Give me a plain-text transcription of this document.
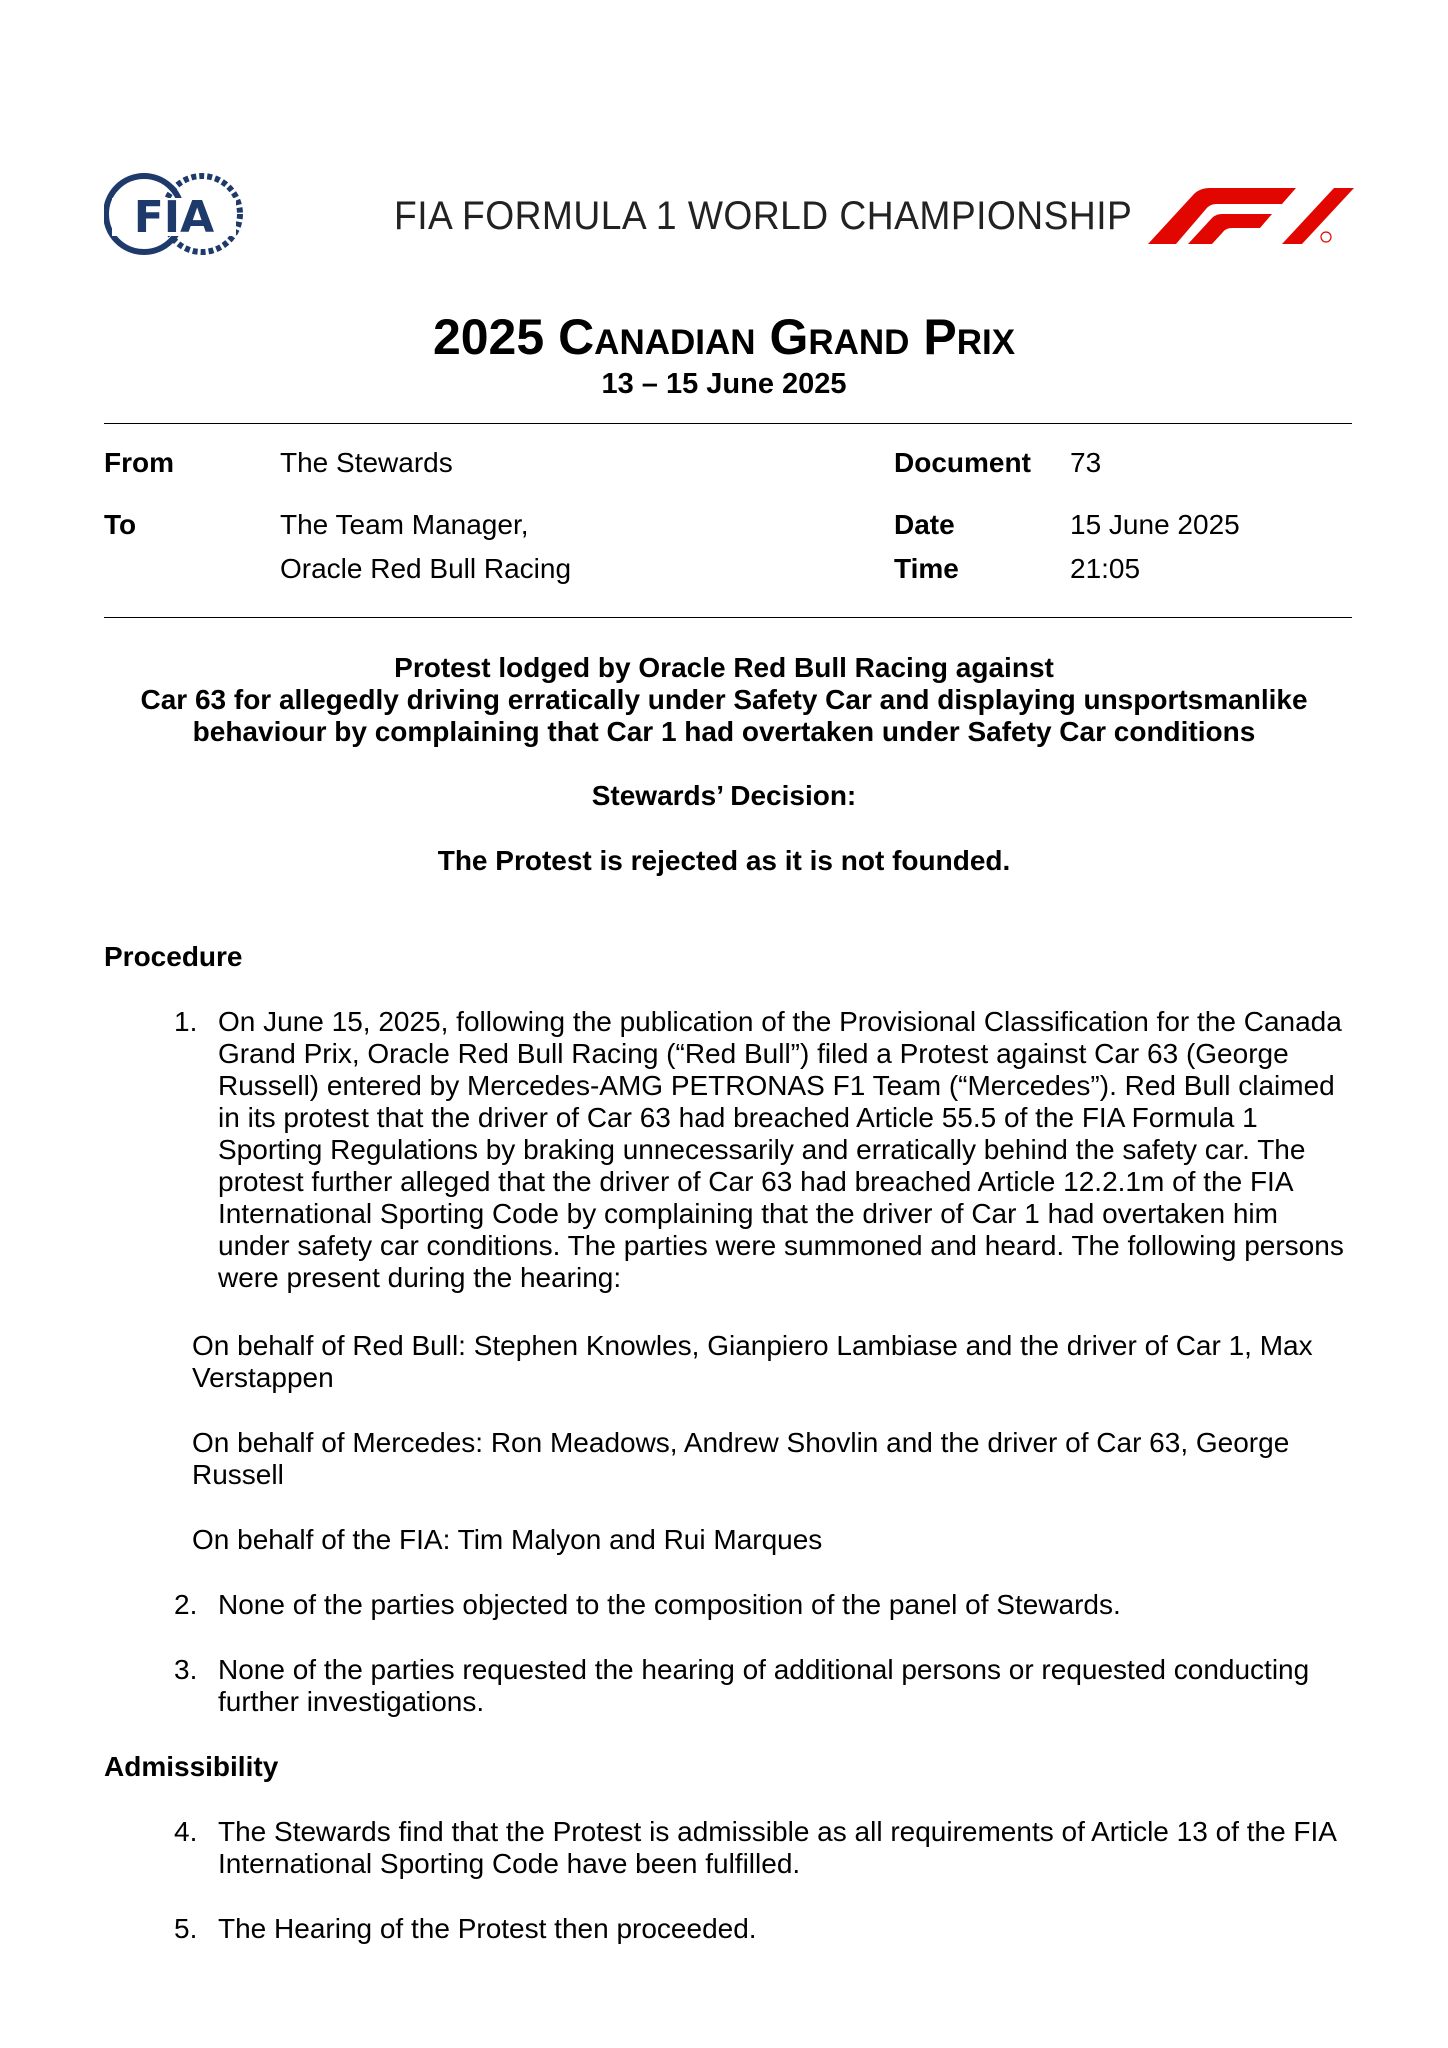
FIA	FIA FORMULA 1 WORLD CHAMPIONSHIP
2025 Canadian Grand Prix
13 – 15 June 2025
From	The Stewards	Document 73
To	The Team Manager,	Date	15 June 2025
Oracle Red Bull Racing	Time	21:05
Protest lodged by Oracle Red Bull Racing against
Car 63 for allegedly driving erratically under Safety Car and displaying unsportsmanlike
behaviour by complaining that Car 1 had overtaken under Safety Car conditions
Stewards’ Decision:
The Protest is rejected as it is not founded.
Procedure
1. On June 15, 2025, following the publication of the Provisional Classification for the Canada
Grand Prix, Oracle Red Bull Racing (“Red Bull”) filed a Protest against Car 63 (George
Russell) entered by Mercedes-AMG PETRONAS F1 Team (“Mercedes”). Red Bull claimed
in its protest that the driver of Car 63 had breached Article 55.5 of the FIA Formula 1
Sporting Regulations by braking unnecessarily and erratically behind the safety car. The
protest further alleged that the driver of Car 63 had breached Article 12.2.1m of the FIA
International Sporting Code by complaining that the driver of Car 1 had overtaken him
under safety car conditions. The parties were summoned and heard. The following persons
were present during the hearing:
On behalf of Red Bull: Stephen Knowles, Gianpiero Lambiase and the driver of Car 1, Max
Verstappen
On behalf of Mercedes: Ron Meadows, Andrew Shovlin and the driver of Car 63, George
Russell
On behalf of the FIA: Tim Malyon and Rui Marques
2. None of the parties objected to the composition of the panel of Stewards.
3. None of the parties requested the hearing of additional persons or requested conducting
further investigations.
Admissibility
4. The Stewards find that the Protest is admissible as all requirements of Article 13 of the FIA
International Sporting Code have been fulfilled.
5. The Hearing of the Protest then proceeded.
